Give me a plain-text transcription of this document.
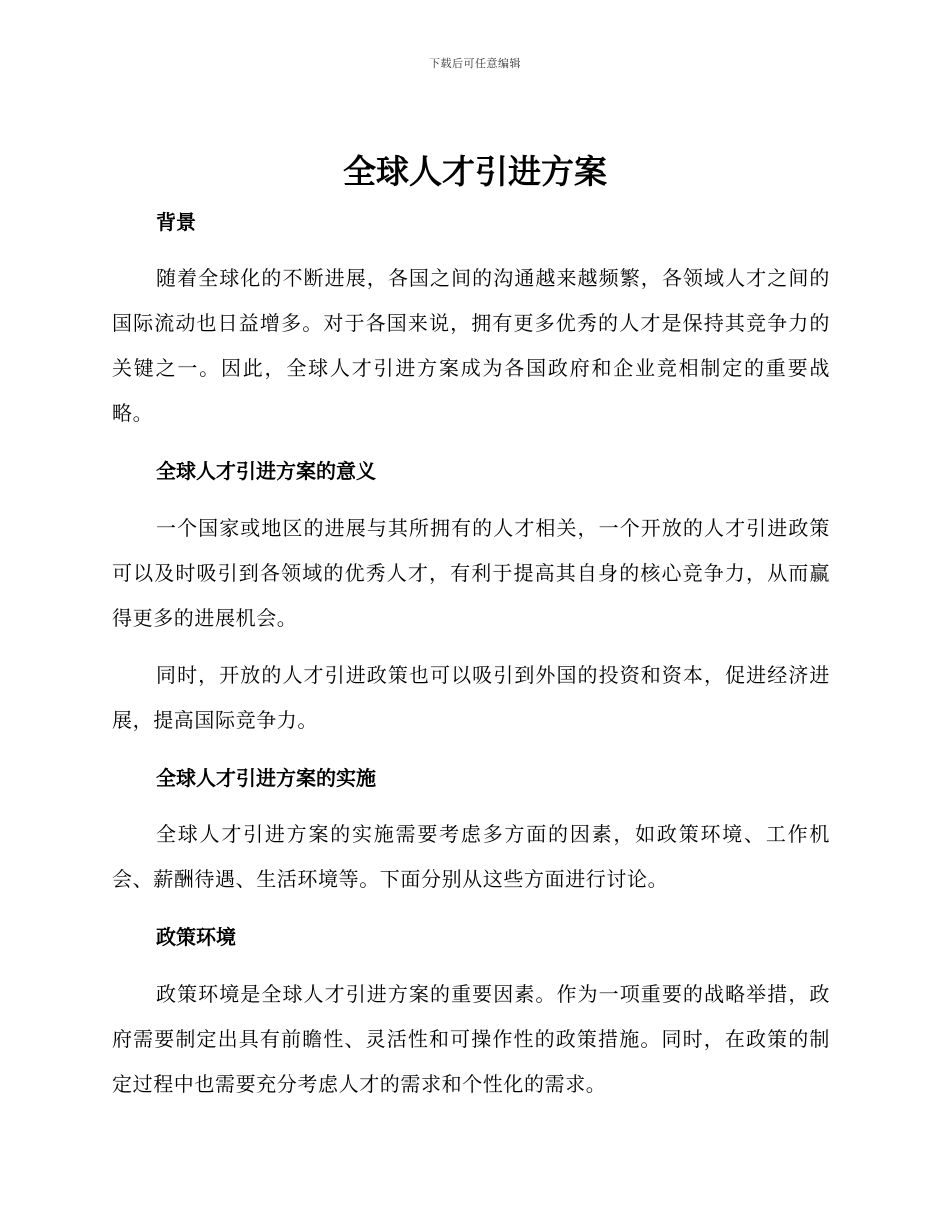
下载后可任意编辑
全球人才引进方案
背景

随着全球化的不断进展，各国之间的沟通越来越频繁，各领域人才之间的国际流动也日益增多。对于各国来说，拥有更多优秀的人才是保持其竞争力的关键之一。因此，全球人才引进方案成为各国政府和企业竞相制定的重要战略。

全球人才引进方案的意义

一个国家或地区的进展与其所拥有的人才相关，一个开放的人才引进政策可以及时吸引到各领域的优秀人才，有利于提高其自身的核心竞争力，从而赢得更多的进展机会。

同时，开放的人才引进政策也可以吸引到外国的投资和资本，促进经济进展，提高国际竞争力。

全球人才引进方案的实施

全球人才引进方案的实施需要考虑多方面的因素，如政策环境、工作机会、薪酬待遇、生活环境等。下面分别从这些方面进行讨论。

政策环境

政策环境是全球人才引进方案的重要因素。作为一项重要的战略举措，政府需要制定出具有前瞻性、灵活性和可操作性的政策措施。同时，在政策的制定过程中也需要充分考虑人才的需求和个性化的需求。
